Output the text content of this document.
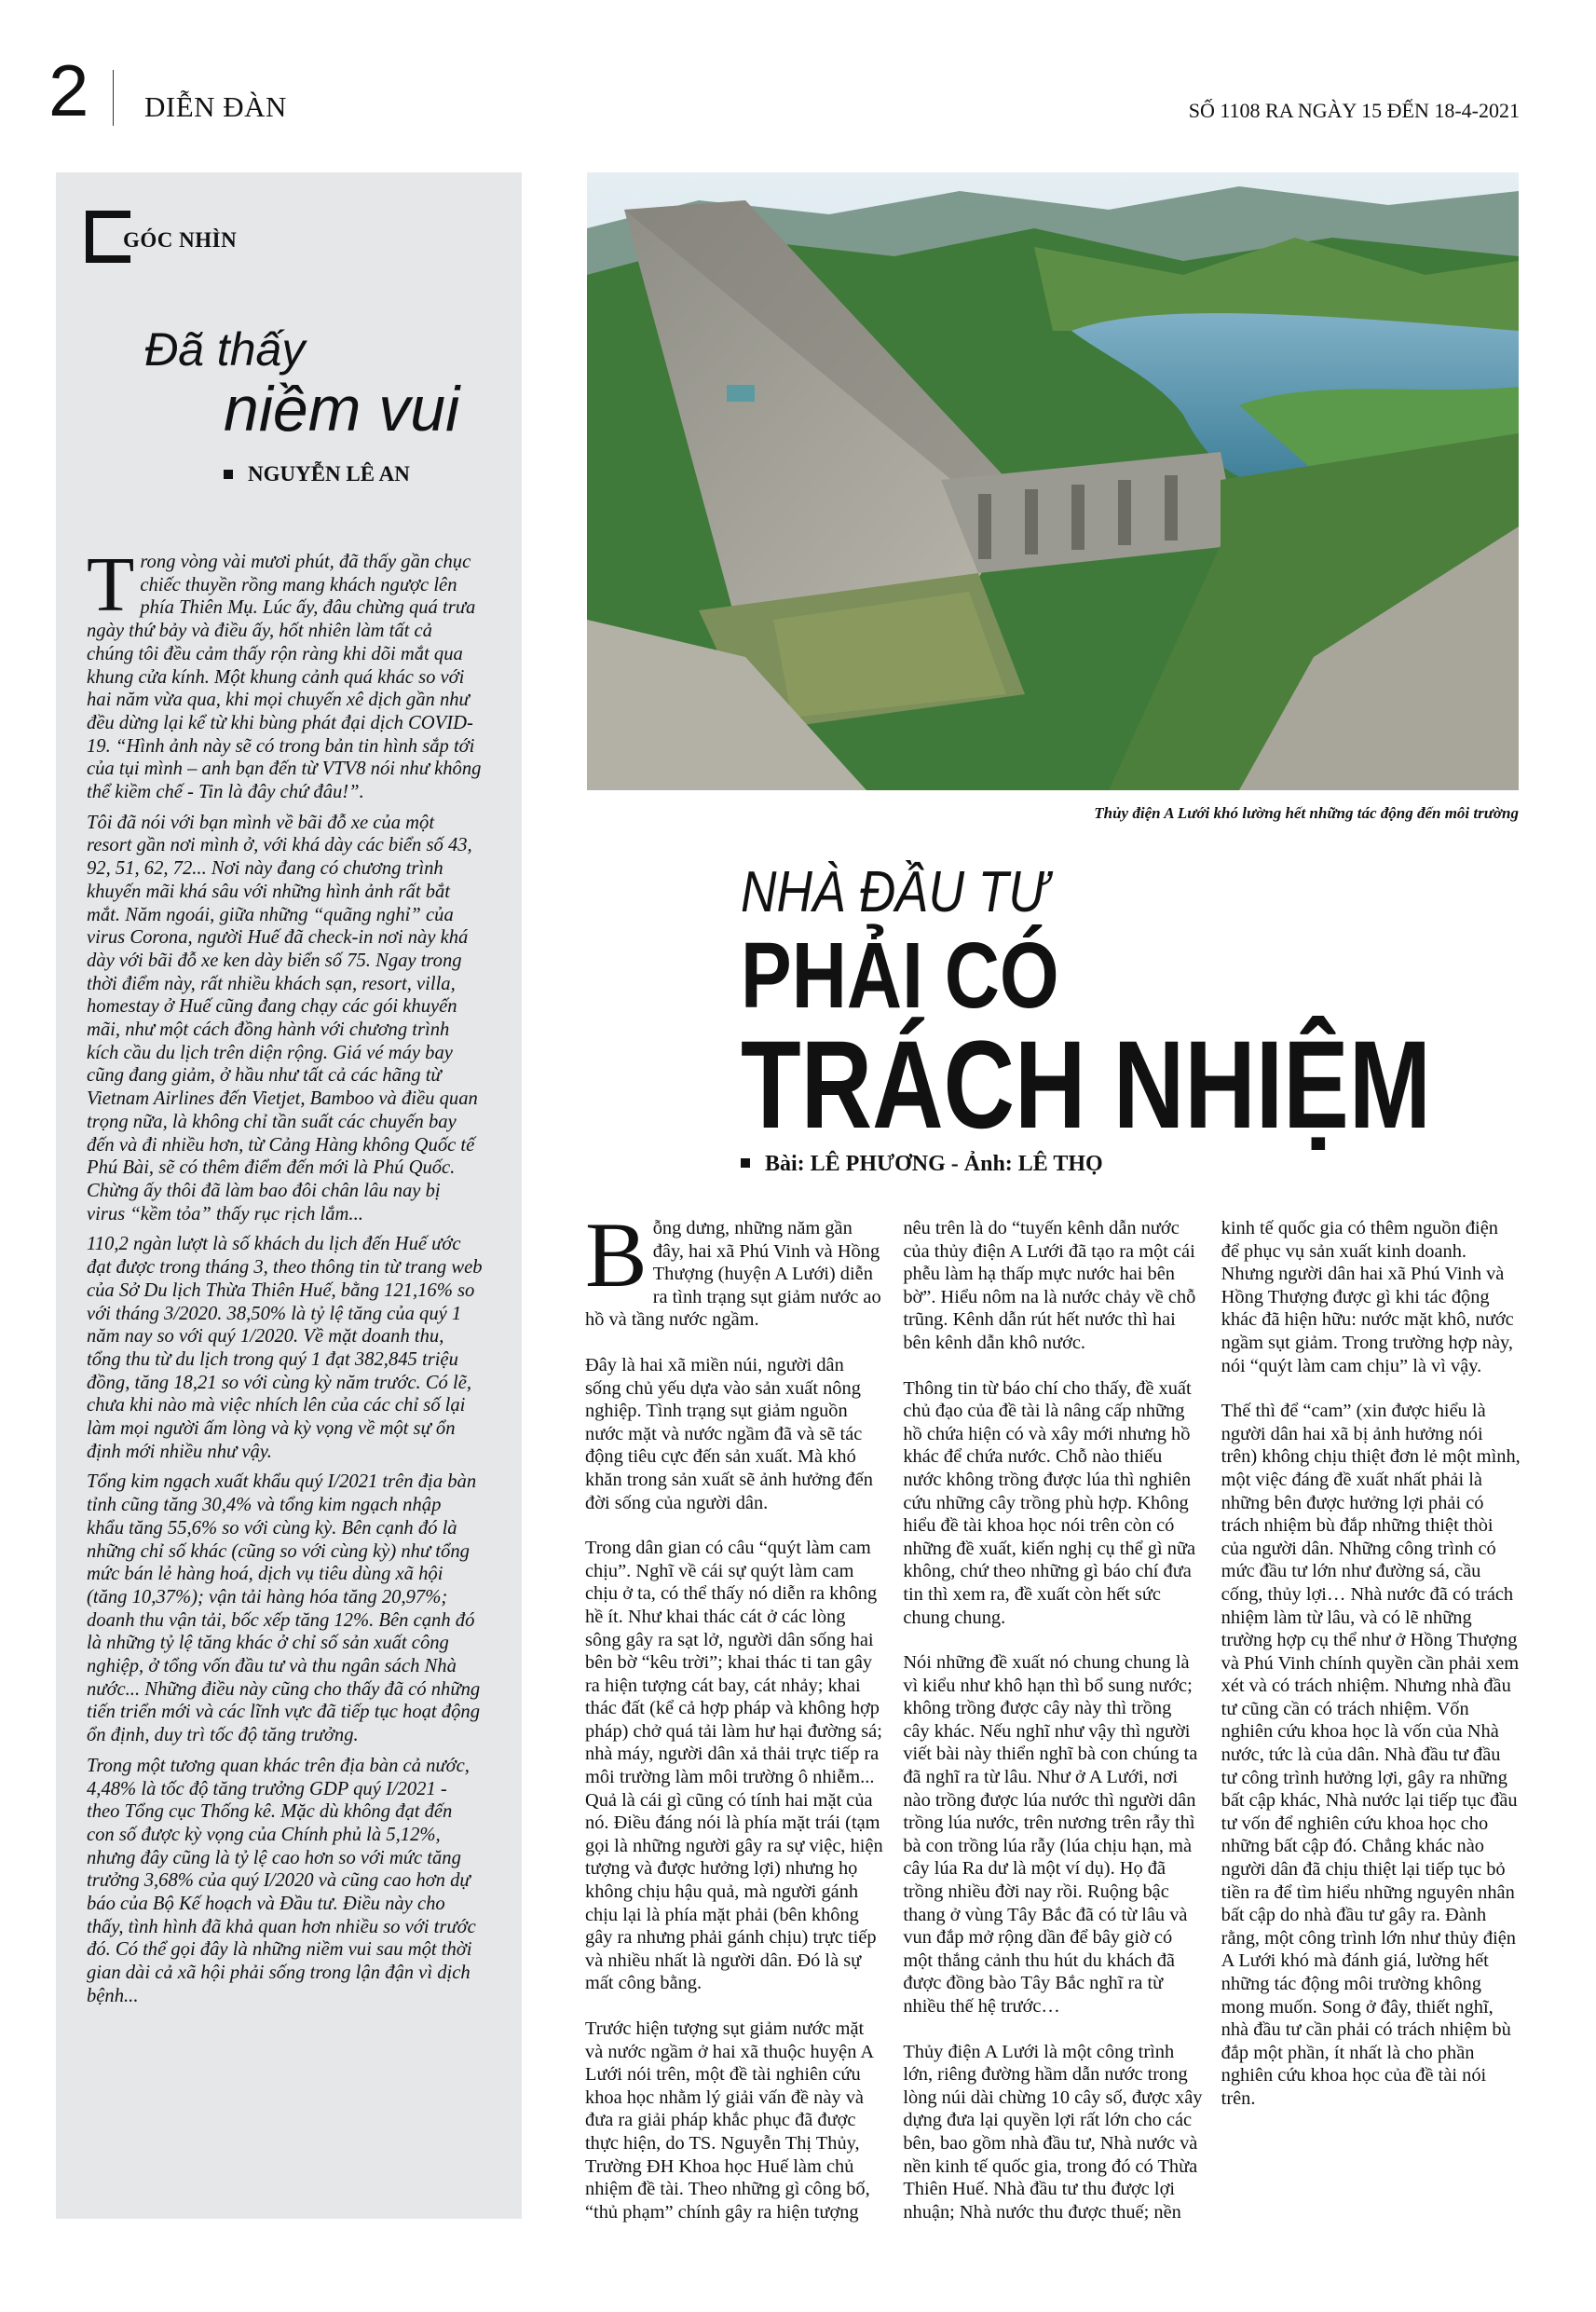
2 DIỄN ĐÀN	SỐ 1108 RA NGÀY 15 ĐẾN 18-4-2021
GÓC NHÌN
Đã thấy
niềm vui
NGUYỄN LÊ AN

Trong vòng vài mươi phút, đã thấy gần chục chiếc thuyền rồng mang khách ngược lên phía Thiên Mụ. Lúc ấy, đâu chừng quá trưa ngày thứ bảy và điều ấy, hốt nhiên làm tất cả chúng tôi đều cảm thấy rộn ràng khi dõi mắt qua khung cửa kính. Một khung cảnh quá khác so với hai năm vừa qua, khi mọi chuyến xê dịch gần như đều dừng lại kể từ khi bùng phát đại dịch COVID-19. “Hình ảnh này sẽ có trong bản tin hình sắp tới của tụi mình – anh bạn đến từ VTV8 nói như không thể kiềm chế - Tin là đây chứ đâu!”.

Tôi đã nói với bạn mình về bãi đỗ xe của một resort gần nơi mình ở, với khá dày các biển số 43, 92, 51, 62, 72... Nơi này đang có chương trình khuyến mãi khá sâu với những hình ảnh rất bắt mắt. Năm ngoái, giữa những “quãng nghỉ” của virus Corona, người Huế đã check-in nơi này khá dày với bãi đỗ xe ken dày biển số 75. Ngay trong thời điểm này, rất nhiều khách sạn, resort, villa, homestay ở Huế cũng đang chạy các gói khuyến mãi, như một cách đồng hành với chương trình kích cầu du lịch trên diện rộng. Giá vé máy bay cũng đang giảm, ở hầu như tất cả các hãng từ Vietnam Airlines đến Vietjet, Bamboo và điều quan trọng nữa, là không chỉ tần suất các chuyến bay đến và đi nhiều hơn, từ Cảng Hàng không Quốc tế Phú Bài, sẽ có thêm điểm đến mới là Phú Quốc. Chừng ấy thôi đã làm bao đôi chân lâu nay bị virus “kềm tỏa” thấy rục rịch lắm...

110,2 ngàn lượt là số khách du lịch đến Huế ước đạt được trong tháng 3, theo thông tin từ trang web của Sở Du lịch Thừa Thiên Huế, bằng 121,16% so với tháng 3/2020. 38,50% là tỷ lệ tăng của quý 1 năm nay so với quý 1/2020. Về mặt doanh thu, tổng thu từ du lịch trong quý 1 đạt 382,845 triệu đồng, tăng 18,21 so với cùng kỳ năm trước. Có lẽ, chưa khi nào mà việc nhích lên của các chỉ số lại làm mọi người ấm lòng và kỳ vọng về một sự ổn định mới nhiều như vậy.

Tổng kim ngạch xuất khẩu quý I/2021 trên địa bàn tỉnh cũng tăng 30,4% và tổng kim ngạch nhập khẩu tăng 55,6% so với cùng kỳ. Bên cạnh đó là những chỉ số khác (cũng so với cùng kỳ) như tổng mức bán lẻ hàng hoá, dịch vụ tiêu dùng xã hội (tăng 10,37%); vận tải hàng hóa tăng 20,97%; doanh thu vận tải, bốc xếp tăng 12%. Bên cạnh đó là những tỷ lệ tăng khác ở chỉ số sản xuất công nghiệp, ở tổng vốn đầu tư và thu ngân sách Nhà nước... Những điều này cũng cho thấy đã có những tiến triển mới và các lĩnh vực đã tiếp tục hoạt động ổn định, duy trì tốc độ tăng trưởng.

Trong một tương quan khác trên địa bàn cả nước, 4,48% là tốc độ tăng trưởng GDP quý I/2021 - theo Tổng cục Thống kê. Mặc dù không đạt đến con số được kỳ vọng của Chính phủ là 5,12%, nhưng đây cũng là tỷ lệ cao hơn so với mức tăng trưởng 3,68% của quý I/2020 và cũng cao hơn dự báo của Bộ Kế hoạch và Đầu tư. Điều này cho thấy, tình hình đã khả quan hơn nhiều so với trước đó. Có thể gọi đây là những niềm vui sau một thời gian dài cả xã hội phải sống trong lận đận vì dịch bệnh...

Thủy điện A Lưới khó lường hết những tác động đến môi trường
NHÀ ĐẦU TƯ
PHẢI CÓ
TRÁCH NHIỆM
Bài: LÊ PHƯƠNG - Ảnh: LÊ THỌ

Bỗng dưng, những năm gần đây, hai xã Phú Vinh và Hồng Thượng (huyện A Lưới) diễn ra tình trạng sụt giảm nước ao hồ và tầng nước ngầm.

Đây là hai xã miền núi, người dân sống chủ yếu dựa vào sản xuất nông nghiệp. Tình trạng sụt giảm nguồn nước mặt và nước ngầm đã và sẽ tác động tiêu cực đến sản xuất. Mà khó khăn trong sản xuất sẽ ảnh hưởng đến đời sống của người dân.

Trong dân gian có câu “quýt làm cam chịu”. Nghĩ về cái sự quýt làm cam chịu ở ta, có thể thấy nó diễn ra không hề ít. Như khai thác cát ở các lòng sông gây ra sạt lở, người dân sống hai bên bờ “kêu trời”; khai thác ti tan gây ra hiện tượng cát bay, cát nhảy; khai thác đất (kể cả hợp pháp và không hợp pháp) chở quá tải làm hư hại đường sá; nhà máy, người dân xả thải trực tiếp ra môi trường làm môi trường ô nhiễm... Quả là cái gì cũng có tính hai mặt của nó. Điều đáng nói là phía mặt trái (tạm gọi là những người gây ra sự việc, hiện tượng và được hưởng lợi) nhưng họ không chịu hậu quả, mà người gánh chịu lại là phía mặt phải (bên không gây ra nhưng phải gánh chịu) trực tiếp và nhiều nhất là người dân. Đó là sự mất công bằng.

Trước hiện tượng sụt giảm nước mặt và nước ngầm ở hai xã thuộc huyện A Lưới nói trên, một đề tài nghiên cứu khoa học nhằm lý giải vấn đề này và đưa ra giải pháp khắc phục đã được thực hiện, do TS. Nguyễn Thị Thủy, Trường ĐH Khoa học Huế làm chủ nhiệm đề tài. Theo những gì công bố, “thủ phạm” chính gây ra hiện tượng nêu trên là do “tuyến kênh dẫn nước của thủy điện A Lưới đã tạo ra một cái phễu làm hạ thấp mực nước hai bên bờ”. Hiểu nôm na là nước chảy về chỗ trũng. Kênh dẫn rút hết nước thì hai bên kênh dẫn khô nước.

Thông tin từ báo chí cho thấy, đề xuất chủ đạo của đề tài là nâng cấp những hồ chứa hiện có và xây mới nhưng hồ khác để chứa nước. Chỗ nào thiếu nước không trồng được lúa thì nghiên cứu những cây trồng phù hợp. Không hiểu đề tài khoa học nói trên còn có những đề xuất, kiến nghị cụ thể gì nữa không, chứ theo những gì báo chí đưa tin thì xem ra, đề xuất còn hết sức chung chung.

Nói những đề xuất nó chung chung là vì kiểu như khô hạn thì bổ sung nước; không trồng được cây này thì trồng cây khác. Nếu nghĩ như vậy thì người viết bài này thiển nghĩ bà con chúng ta đã nghĩ ra từ lâu. Như ở A Lưới, nơi nào trồng được lúa nước thì người dân trồng lúa nước, trên nương trên rẫy thì bà con trồng lúa rẫy (lúa chịu hạn, mà cây lúa Ra dư là một ví dụ). Họ đã trồng nhiều đời nay rồi. Ruộng bậc thang ở vùng Tây Bắc đã có từ lâu và vun đắp mở rộng dần để bây giờ có một thắng cảnh thu hút du khách đã được đồng bào Tây Bắc nghĩ ra từ nhiều thế hệ trước…

Thủy điện A Lưới là một công trình lớn, riêng đường hầm dẫn nước trong lòng núi dài chừng 10 cây số, được xây dựng đưa lại quyền lợi rất lớn cho các bên, bao gồm nhà đầu tư, Nhà nước và nền kinh tế quốc gia, trong đó có Thừa Thiên Huế. Nhà đầu tư thu được lợi nhuận; Nhà nước thu được thuế; nền kinh tế quốc gia có thêm nguồn điện để phục vụ sản xuất kinh doanh. Nhưng người dân hai xã Phú Vinh và Hồng Thượng được gì khi tác động khác đã hiện hữu: nước mặt khô, nước ngầm sụt giảm. Trong trường hợp này, nói “quýt làm cam chịu” là vì vậy.

Thế thì để “cam” (xin được hiểu là người dân hai xã bị ảnh hưởng nói trên) không chịu thiệt đơn lẻ một mình, một việc đáng đề xuất nhất phải là những bên được hưởng lợi phải có trách nhiệm bù đắp những thiệt thòi của người dân. Những công trình có mức đầu tư lớn như đường sá, cầu cống, thủy lợi… Nhà nước đã có trách nhiệm làm từ lâu, và có lẽ những trường hợp cụ thể như ở Hồng Thượng và Phú Vinh chính quyền cần phải xem xét và có trách nhiệm. Nhưng nhà đầu tư cũng cần có trách nhiệm. Vốn nghiên cứu khoa học là vốn của Nhà nước, tức là của dân. Nhà đầu tư đầu tư công trình hưởng lợi, gây ra những bất cập khác, Nhà nước lại tiếp tục đầu tư vốn để nghiên cứu khoa học cho những bất cập đó. Chẳng khác nào người dân đã chịu thiệt lại tiếp tục bỏ tiền ra để tìm hiểu những nguyên nhân bất cập do nhà đầu tư gây ra. Đành rằng, một công trình lớn như thủy điện A Lưới khó mà đánh giá, lường hết những tác động môi trường không mong muốn. Song ở đây, thiết nghĩ, nhà đầu tư cần phải có trách nhiệm bù đắp một phần, ít nhất là cho phần nghiên cứu khoa học của đề tài nói trên.
